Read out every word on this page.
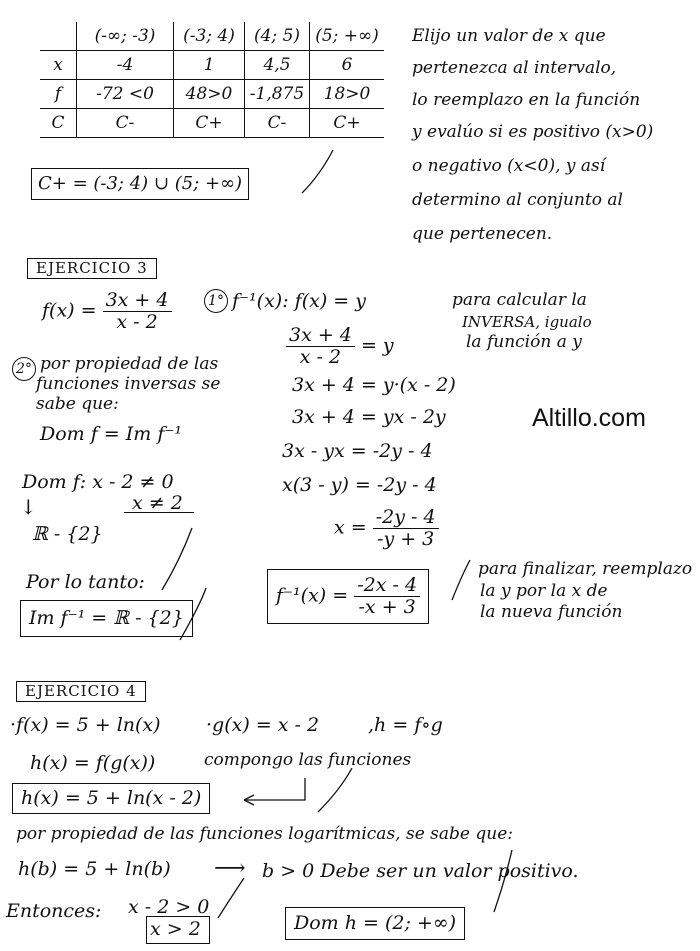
	(-∞; -3)	(-3; 4)	(4; 5)	(5; +∞)
x	-4	1	4,5	6
f	-72 <0	48>0	-1,875	18>0
C	C-	C+	C-	C+
C+ = (-3; 4) ∪ (5; +∞)
Elijo un valor de x que
pertenezca al intervalo,
lo reemplazo en la función
y evalúo si es positivo (x>0)
o negativo (x<0), y así
determino al conjunto al
que pertenecen.
EJERCICIO 3
$f(x) = \frac{3x + 4}{x - 2}$	1° f⁻¹(x): f(x) = y	para calcular la
INVERSA, igualo
la función a y
$\frac{3x + 4}{x - 2} = y$
3x + 4 = y·(x - 2)
3x + 4 = yx - 2y
3x - yx = -2y - 4
x(3 - y) = -2y - 4
$x = \frac{-2y - 4}{-y + 3}$
Altillo.com
2° por propiedad de las
funciones inversas se
sabe que:
Dom f = Im f⁻¹
Dom f: x - 2 ≠ 0
x ≠ 2
↓
ℝ - {2}
Por lo tanto:
Im f⁻¹ = ℝ - {2}
$f^{-1}(x) = \frac{-2x - 4}{-x + 3}$
para finalizar, reemplazo
la y por la x de
la nueva función
EJERCICIO 4
·f(x) = 5 + ln(x) ·g(x) = x - 2	,h = f∘g
h(x) = f(g(x))	compongo las funciones
h(x) = 5 + ln(x - 2)
por propiedad de las funciones logarítmicas, se sabe que:
h(b) = 5 + ln(b) ⟶ b > 0 Debe ser un valor positivo.
Entonces: x - 2 > 0
x > 2	Dom h = (2; +∞)
